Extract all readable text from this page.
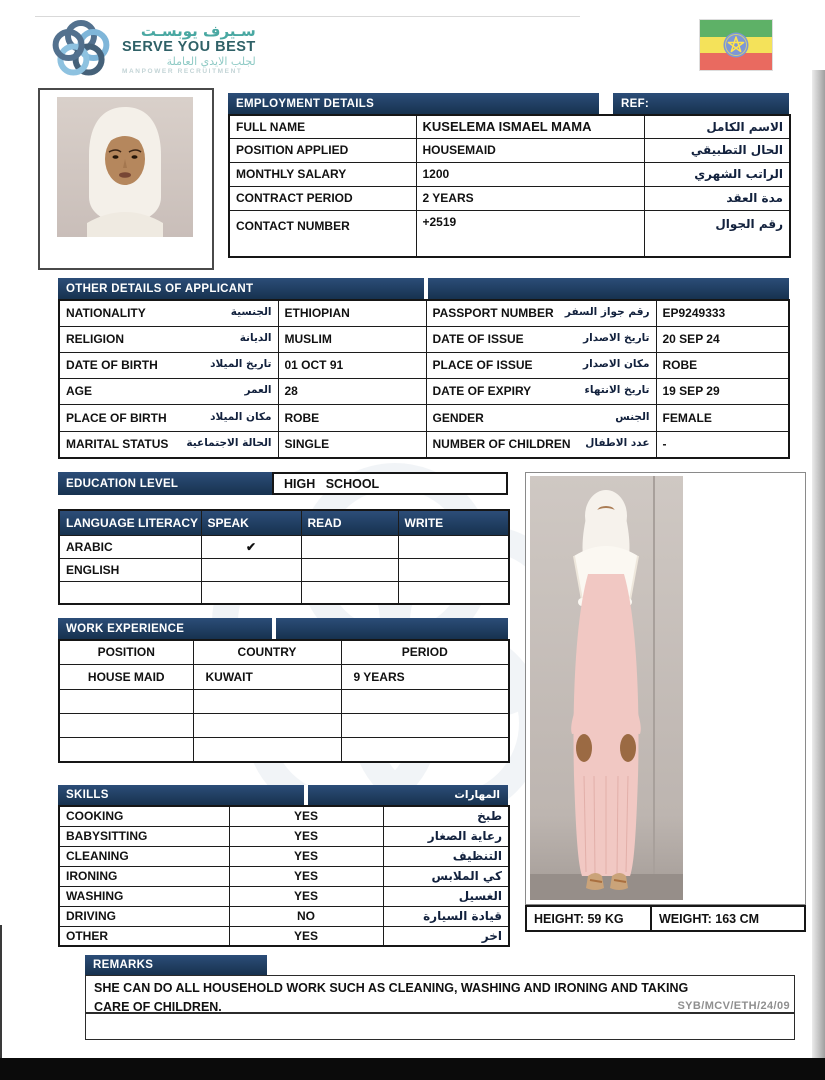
سـيرف يوبسـت
SERVE YOU BEST
لجلب الايدي العاملة
MANPOWER RECRUITMENT
EMPLOYMENT DETAILS	REF:
FULL NAME	KUSELEMA ISMAEL MAMA	الاسم الكامل
POSITION APPLIED	HOUSEMAID	الحال التطبيقي
MONTHLY SALARY	1200	الراتب الشهري
CONTRACT PERIOD	2 YEARS	مدة العقد
CONTACT NUMBER	+2519	رقم الجوال
OTHER DETAILS OF APPLICANT
NATIONALITY الجنسية	ETHIOPIAN	PASSPORT NUMBER رقم جواز السفر	EP9249333

RELIGION الديانة	MUSLIM	DATE OF ISSUE تاريخ الاصدار	20 SEP 24

DATE OF BIRTH تاريخ الميلاد	01 OCT 91	PLACE OF ISSUE مكان الاصدار	ROBE

AGE العمر	28	DATE OF EXPIRY تاريخ الانتهاء	19 SEP 29

PLACE OF BIRTH مكان الميلاد	ROBE	GENDER الجنس	FEMALE

MARITAL STATUS الحالة الاجتماعية	SINGLE	NUMBER OF CHILDREN عدد الاطفال	-
EDUCATION LEVEL	HIGH SCHOOL
LANGUAGE LITERACY	SPEAK	READ	WRITE
ARABIC	✔		
ENGLISH			

WORK EXPERIENCE
POSITION	COUNTRY	PERIOD
HOUSE MAID	KUWAIT	9 YEARS

SKILLS	المهارات
COOKING	YES	طبخ
BABYSITTING	YES	رعاية الصغار
CLEANING	YES	التنظيف
IRONING	YES	كي الملابس
WASHING	YES	الغسيل
DRIVING	NO	قيادة السيارة
OTHER	YES	اخر
HEIGHT: 59 KG	WEIGHT: 163 CM
REMARKS
SHE CAN DO ALL HOUSEHOLD WORK SUCH AS CLEANING, WASHING AND IRONING AND TAKING CARE OF CHILDREN.	SYB/MCV/ETH/24/09
